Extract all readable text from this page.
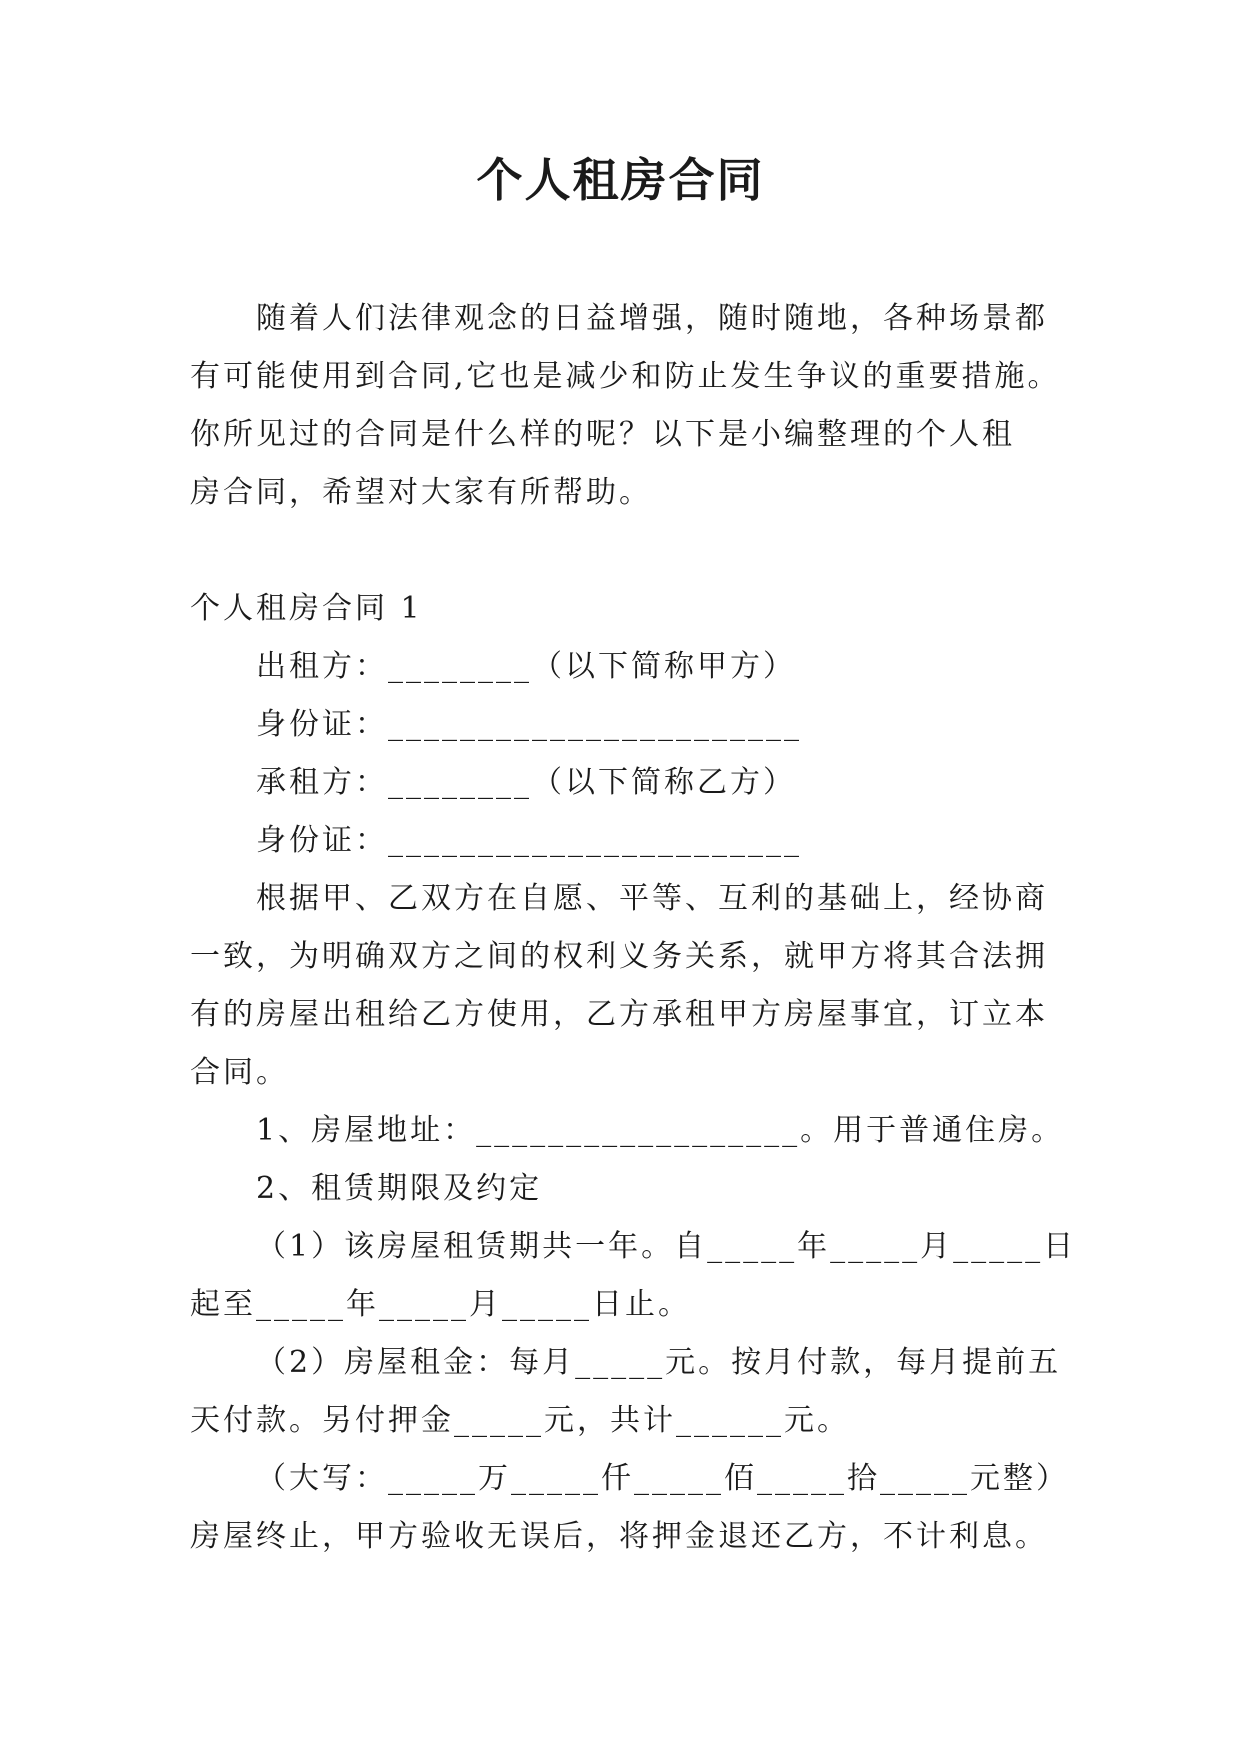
个人租房合同

随着人们法律观念的日益增强，随时随地，各种场景都

有可能使用到合同,它也是减少和防止发生争议的重要措施。

你所见过的合同是什么样的呢？以下是小编整理的个人租

房合同，希望对大家有所帮助。

个人租房合同 1

出租方：________（以下简称甲方）

身份证：_______________________

承租方：________（以下简称乙方）

身份证：_______________________

根据甲、乙双方在自愿、平等、互利的基础上，经协商

一致，为明确双方之间的权利义务关系，就甲方将其合法拥

有的房屋出租给乙方使用，乙方承租甲方房屋事宜，订立本

合同。

1、房屋地址：__________________。用于普通住房。

2、租赁期限及约定

（1）该房屋租赁期共一年。自_____年_____月_____日

起至_____年_____月_____日止。

（2）房屋租金：每月_____元。按月付款，每月提前五

天付款。另付押金_____元，共计______元。

（大写：_____万_____仟_____佰_____拾_____元整）

房屋终止，甲方验收无误后，将押金退还乙方，不计利息。
